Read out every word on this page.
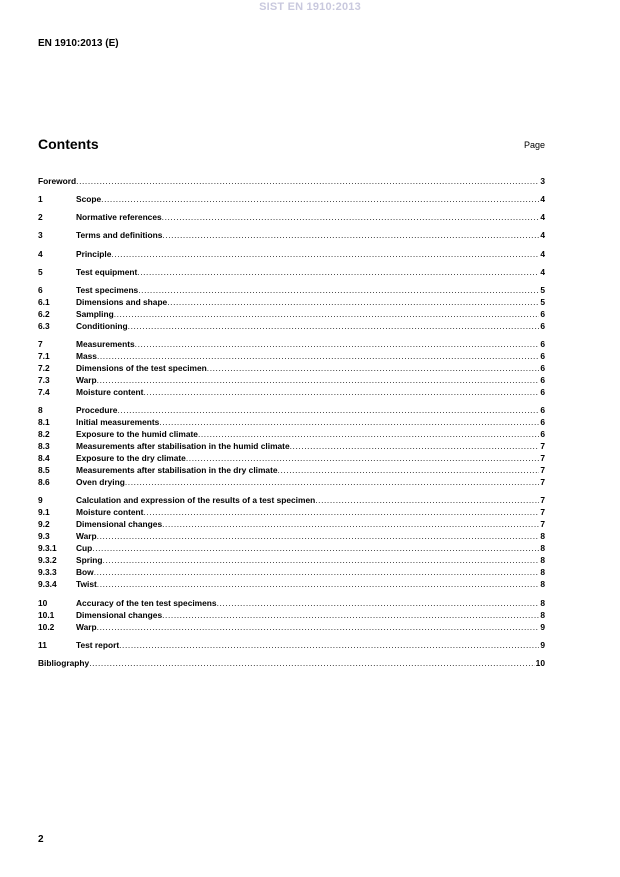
SIST EN 1910:2013
EN 1910:2013 (E)
Contents	Page
Foreword .....	3
1	Scope .....	4
2	Normative references .....	4
3	Terms and definitions .....	4
4	Principle .....	4
5	Test equipment .....	4
6	Test specimens .....	5
6.1	Dimensions and shape .....	5
6.2	Sampling .....	6
6.3	Conditioning .....	6
7	Measurements .....	6
7.1	Mass .....	6
7.2	Dimensions of the test specimen .....	6
7.3	Warp .....	6
7.4	Moisture content .....	6
8	Procedure .....	6
8.1	Initial measurements .....	6
8.2	Exposure to the humid climate .....	6
8.3	Measurements after stabilisation in the humid climate .....	7
8.4	Exposure to the dry climate .....	7
8.5	Measurements after stabilisation in the dry climate .....	7
8.6	Oven drying .....	7
9	Calculation and expression of the results of a test specimen .....	7
9.1	Moisture content .....	7
9.2	Dimensional changes .....	7
9.3	Warp .....	8
9.3.1	Cup .....	8
9.3.2	Spring .....	8
9.3.3	Bow .....	8
9.3.4	Twist .....	8
10	Accuracy of the ten test specimens .....	8
10.1	Dimensional changes .....	8
10.2	Warp .....	9
11	Test report .....	9
Bibliography .....	10
2
